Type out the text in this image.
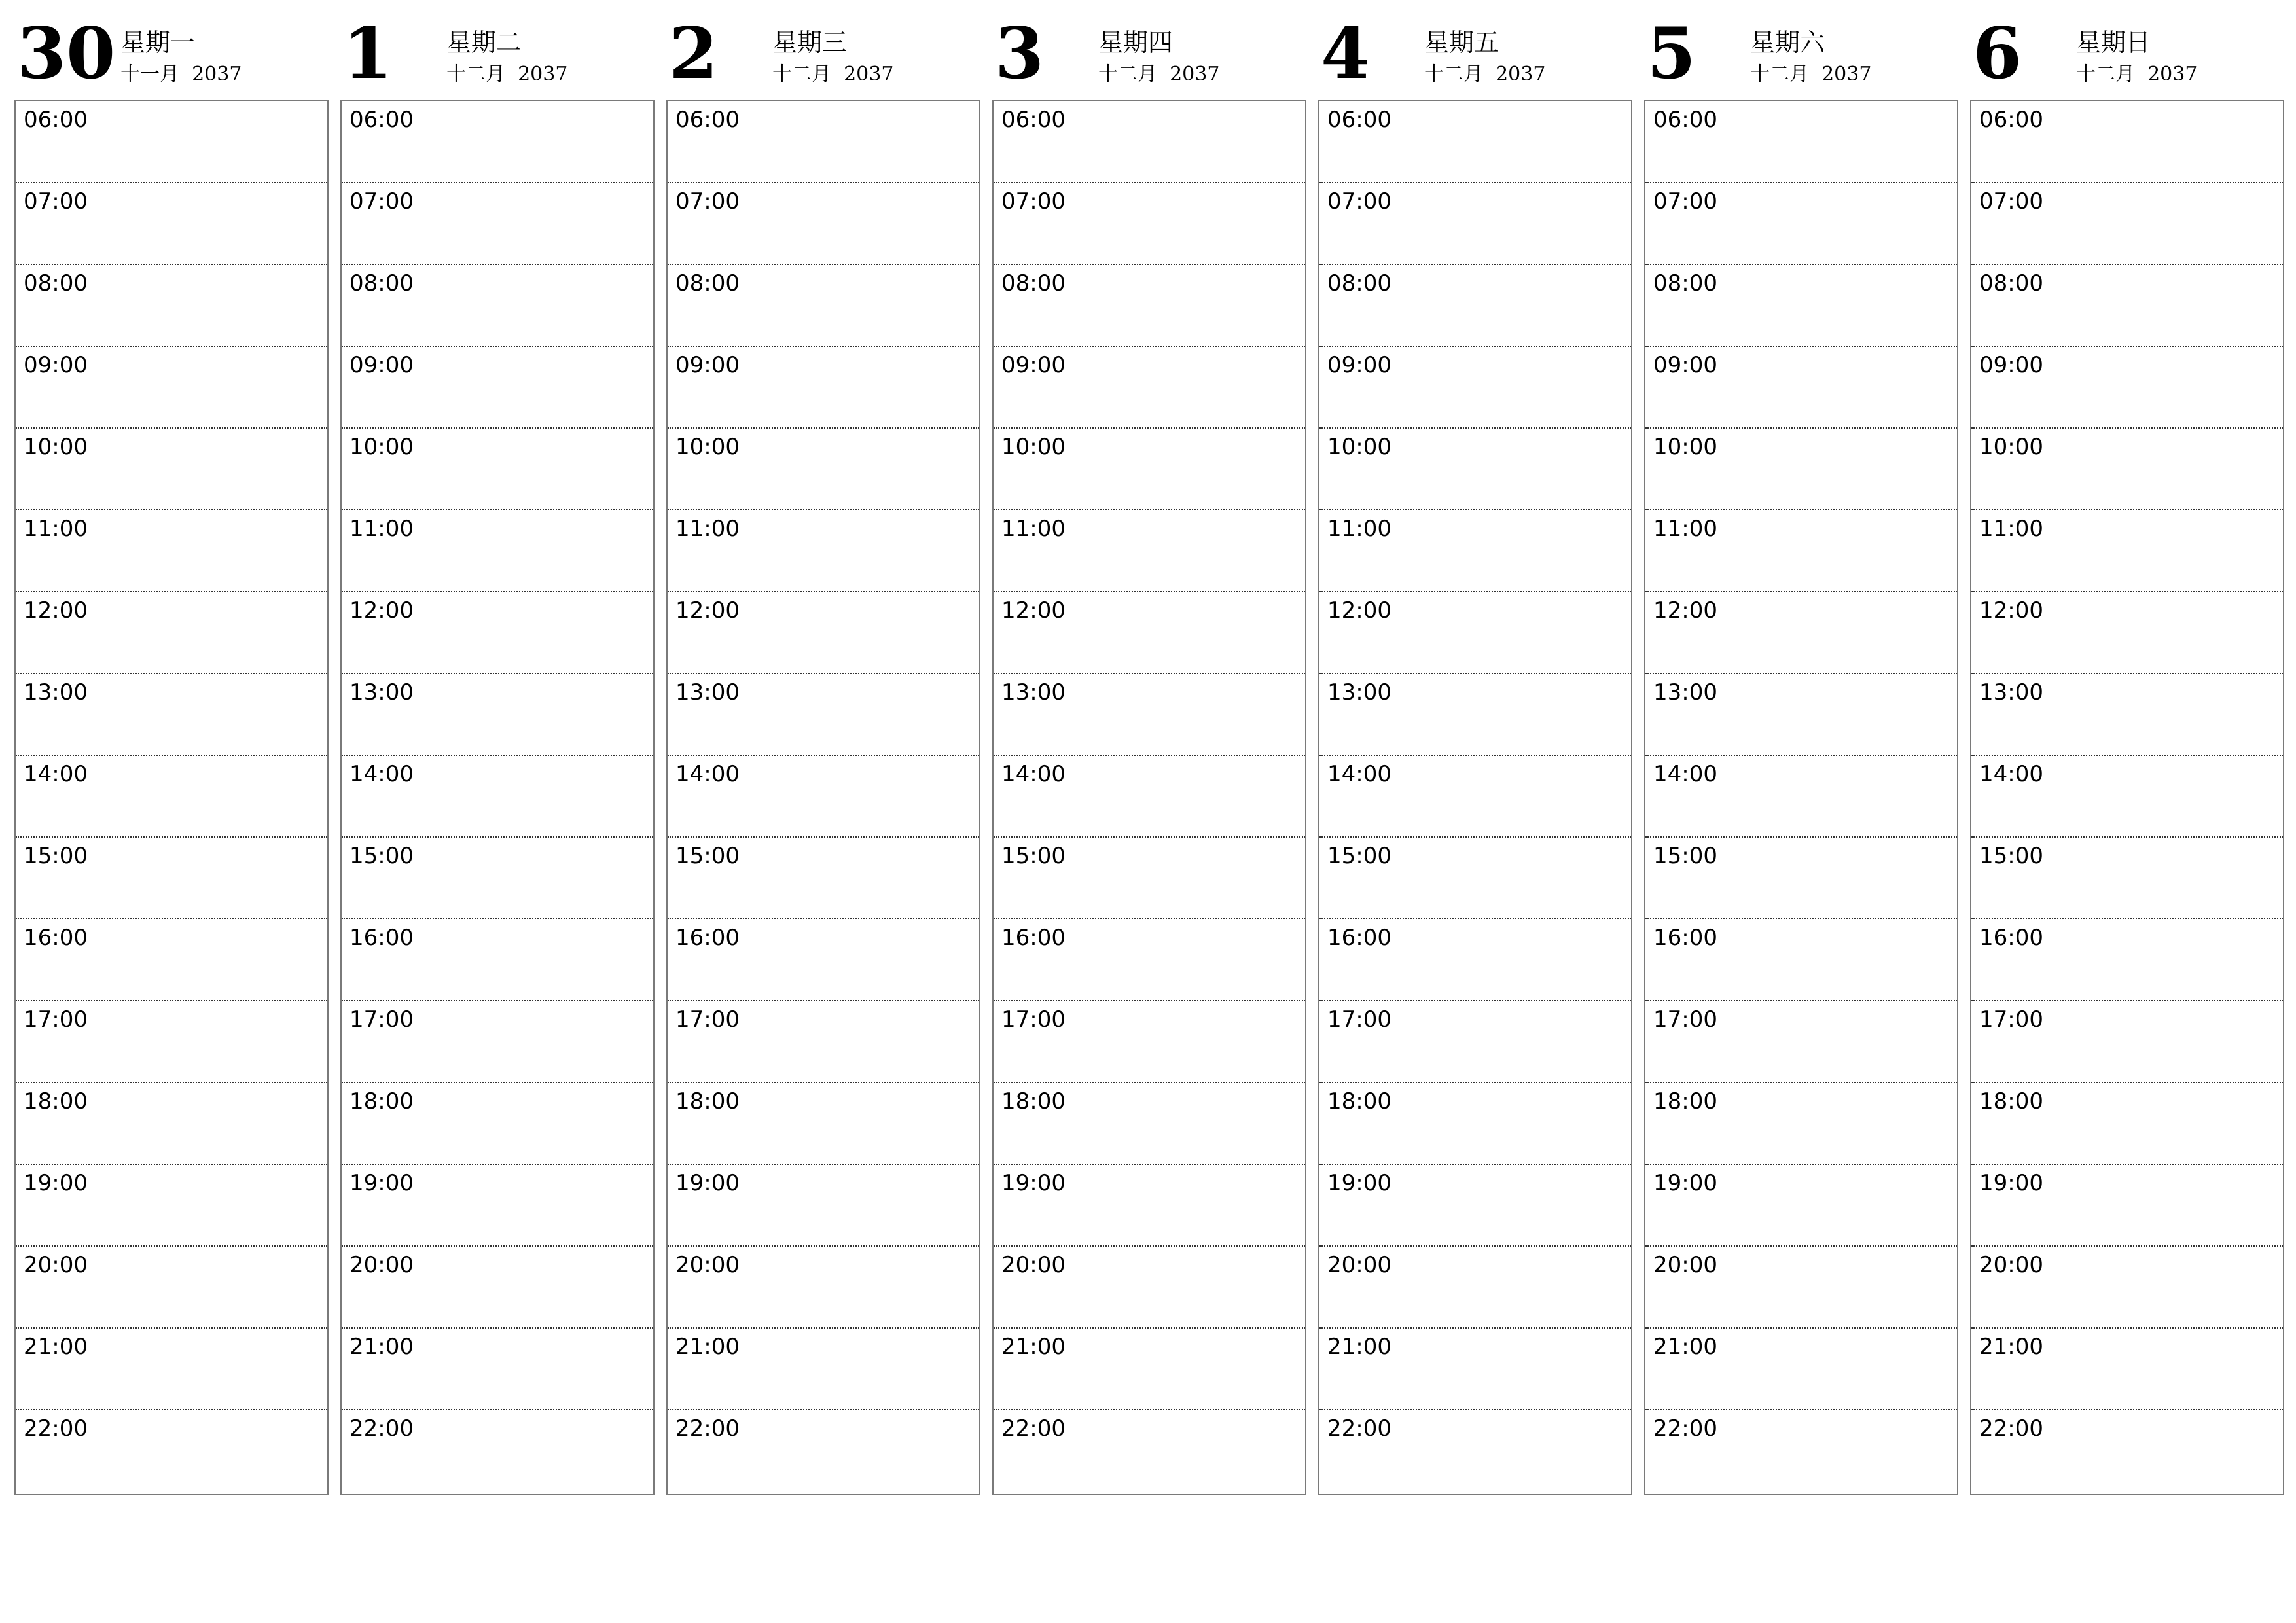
30 星期一
十一月  2037
06:00
07:00
08:00
09:00
10:00
11:00
12:00
13:00
14:00
15:00
16:00
17:00
18:00
19:00
20:00
21:00
22:00
1 星期二
十二月  2037
06:00
07:00
08:00
09:00
10:00
11:00
12:00
13:00
14:00
15:00
16:00
17:00
18:00
19:00
20:00
21:00
22:00
2 星期三
十二月  2037
06:00
07:00
08:00
09:00
10:00
11:00
12:00
13:00
14:00
15:00
16:00
17:00
18:00
19:00
20:00
21:00
22:00
3 星期四
十二月  2037
06:00
07:00
08:00
09:00
10:00
11:00
12:00
13:00
14:00
15:00
16:00
17:00
18:00
19:00
20:00
21:00
22:00
4 星期五
十二月  2037
06:00
07:00
08:00
09:00
10:00
11:00
12:00
13:00
14:00
15:00
16:00
17:00
18:00
19:00
20:00
21:00
22:00
5 星期六
十二月  2037
06:00
07:00
08:00
09:00
10:00
11:00
12:00
13:00
14:00
15:00
16:00
17:00
18:00
19:00
20:00
21:00
22:00
6 星期日
十二月  2037
06:00
07:00
08:00
09:00
10:00
11:00
12:00
13:00
14:00
15:00
16:00
17:00
18:00
19:00
20:00
21:00
22:00
